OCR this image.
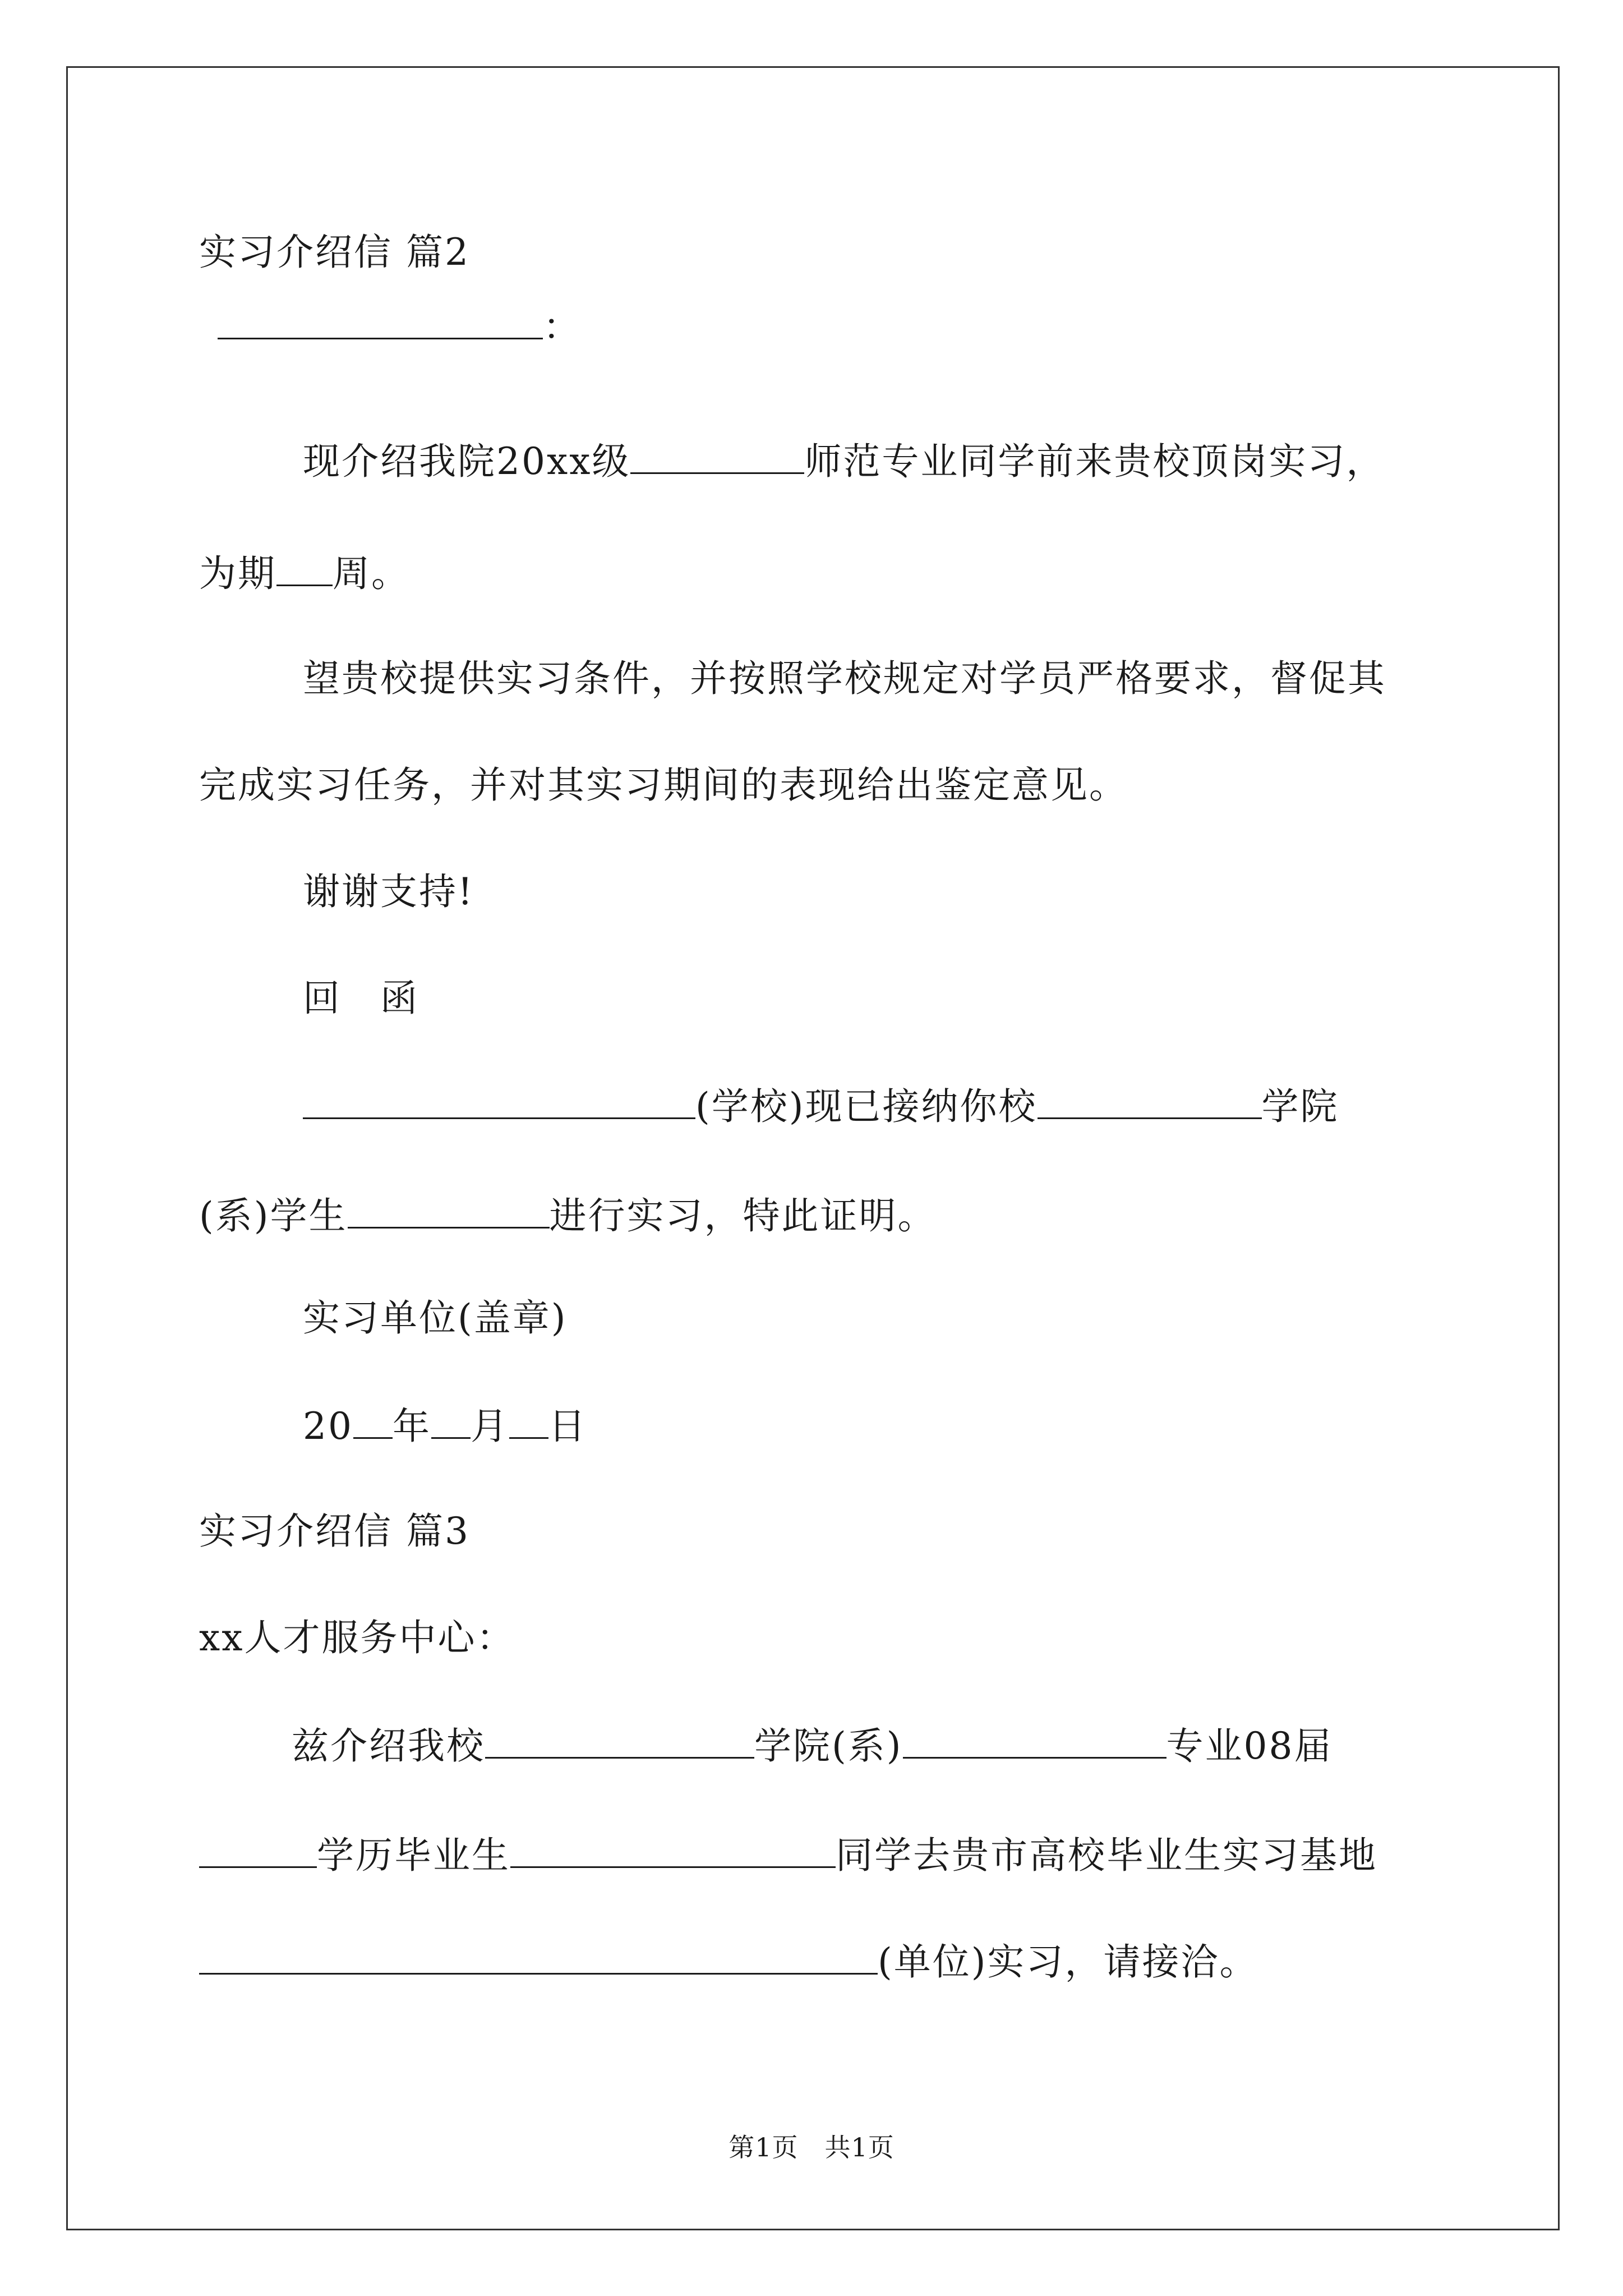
实习介绍信 篇2
：
现介绍我院20xx级	师范专业同学前来贵校顶岗实习，
为期 周。
望贵校提供实习条件，并按照学校规定对学员严格要求，督促其
完成实习任务，并对其实习期间的表现给出鉴定意见。
谢谢支持!
回　函
(学校)现已接纳你校	学院
(系)学生	进行实习，特此证明。
实习单位(盖章)
20 年 月 日
实习介绍信 篇3
xx人才服务中心：
兹介绍我校	学院(系)	专业08届
学历毕业生	同学去贵市高校毕业生实习基地
(单位)实习，请接洽。
第1页　共1页
